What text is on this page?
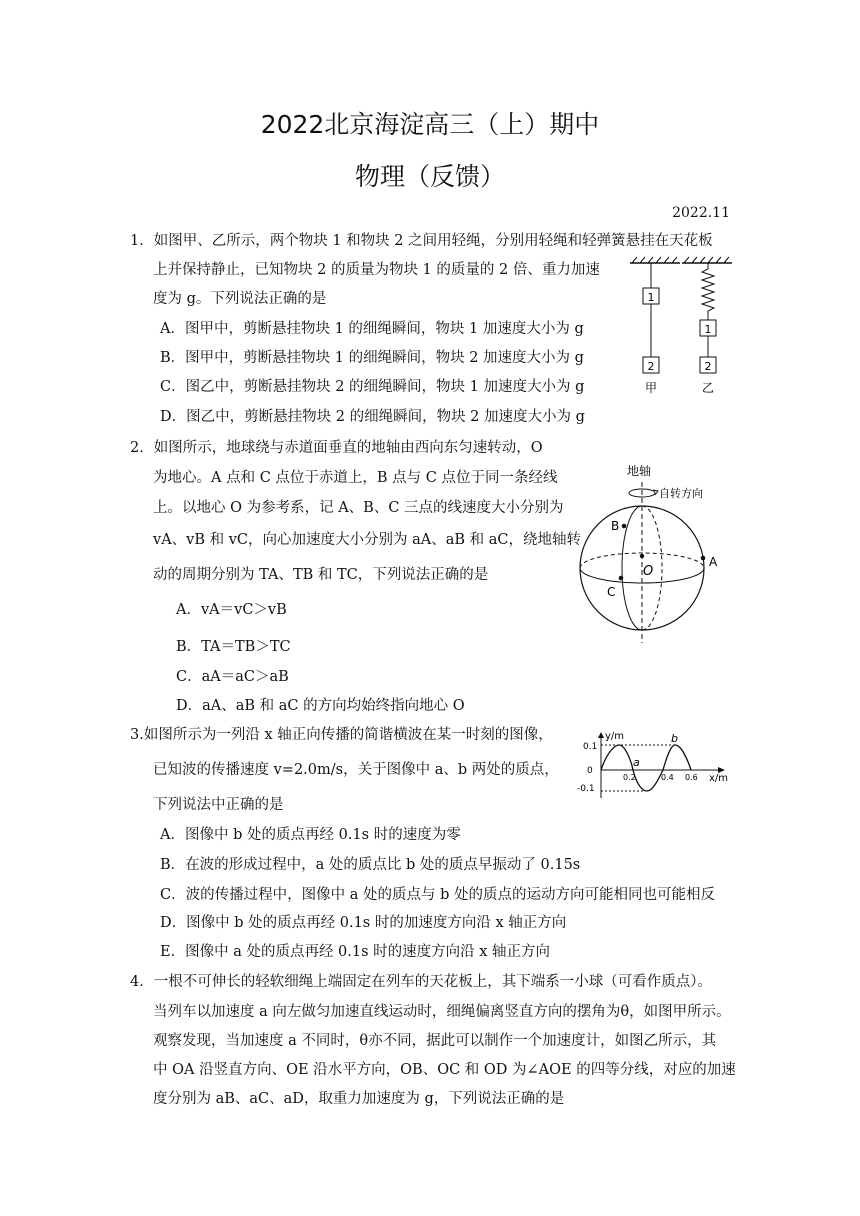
2022北京海淀高三（上）期中
物理（反馈）
2022.11
1．如图甲、乙所示，两个物块 1 和物块 2 之间用轻绳，分别用轻绳和轻弹簧悬挂在天花板
上并保持静止，已知物块 2 的质量为物块 1 的质量的 2 倍、重力加速
度为 g。下列说法正确的是
A．图甲中，剪断悬挂物块 1 的细绳瞬间，物块 1 加速度大小为 g
B．图甲中，剪断悬挂物块 1 的细绳瞬间，物块 2 加速度大小为 g
C．图乙中，剪断悬挂物块 2 的细绳瞬间，物块 1 加速度大小为 g
D．图乙中，剪断悬挂物块 2 的细绳瞬间，物块 2 加速度大小为 g
1
2
甲
1
2
乙
2．如图所示，地球绕与赤道面垂直的地轴由西向东匀速转动，O
为地心。A 点和 C 点位于赤道上，B 点与 C 点位于同一条经线
上。以地心 O 为参考系，记 A、B、C 三点的线速度大小分别为
vA、vB 和 vC，向心加速度大小分别为 aA、aB 和 aC，绕地轴转
动的周期分别为 TA、TB 和 TC，下列说法正确的是
A．vA＝vC＞vB
B．TA＝TB＞TC
C．aA＝aC＞aB
D．aA、aB 和 aC 的方向均始终指向地心 O
地轴
自转方向
O
A
B
C
3.如图所示为一列沿 x 轴正向传播的简谐横波在某一时刻的图像，
已知波的传播速度 v=2.0m/s，关于图像中 a、b 两处的质点，
下列说法中正确的是
A．图像中 b 处的质点再经 0.1s 时的速度为零
B．在波的形成过程中，a 处的质点比 b 处的质点早振动了 0.15s
C．波的传播过程中，图像中 a 处的质点与 b 处的质点的运动方向可能相同也可能相反
D．图像中 b 处的质点再经 0.1s 时的加速度方向沿 x 轴正方向
E．图像中 a 处的质点再经 0.1s 时的速度方向沿 x 轴正方向
y/m
x/m
0.1
0
-0.1
0.2	0.4 0.6
a
b
4．一根不可伸长的轻软细绳上端固定在列车的天花板上，其下端系一小球（可看作质点）。
当列车以加速度 a 向左做匀加速直线运动时，细绳偏离竖直方向的摆角为θ，如图甲所示。
观察发现，当加速度 a 不同时，θ亦不同，据此可以制作一个加速度计，如图乙所示，其
中 OA 沿竖直方向、OE 沿水平方向，OB、OC 和 OD 为∠AOE 的四等分线，对应的加速
度分别为 aB、aC、aD，取重力加速度为 g，下列说法正确的是
